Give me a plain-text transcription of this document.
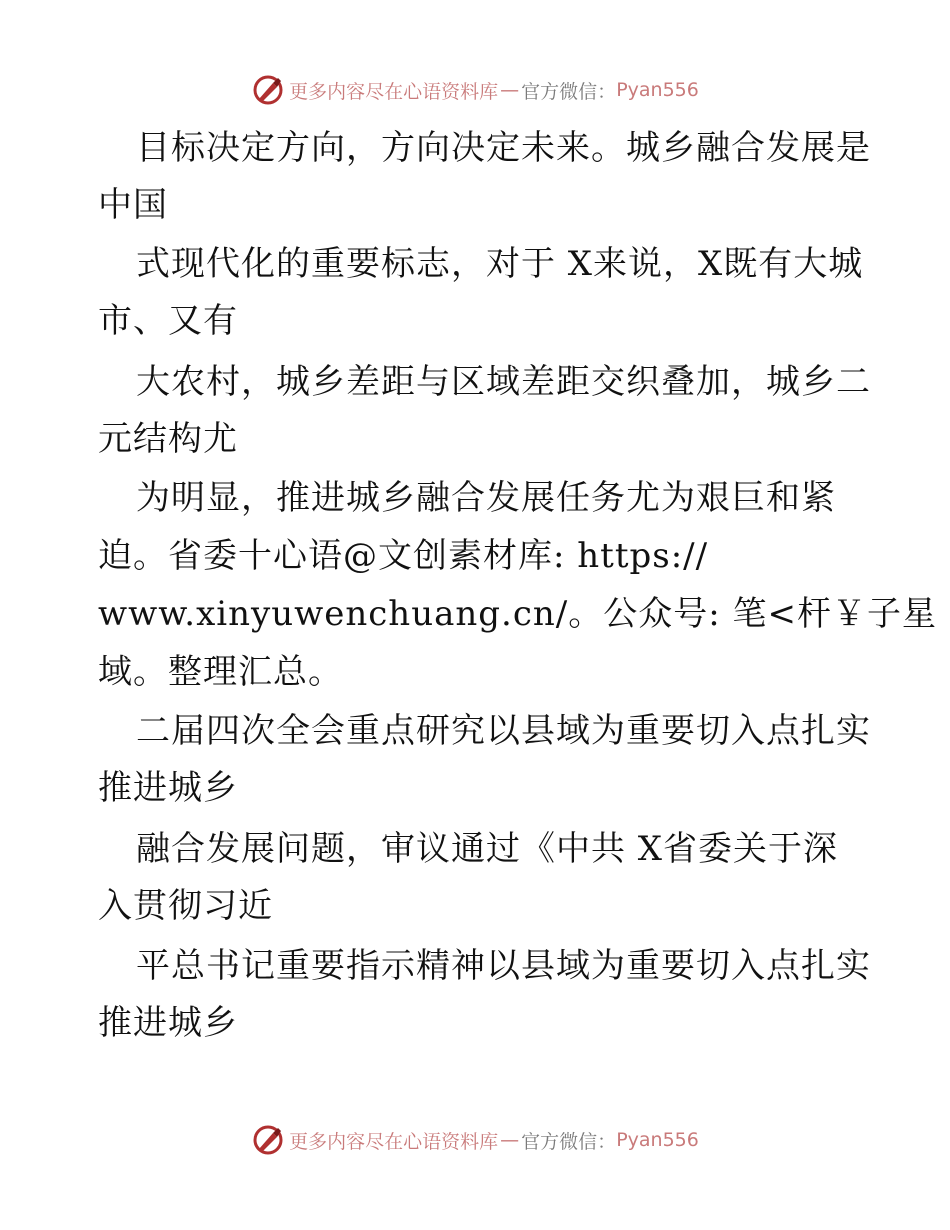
更多内容尽在心语资料库 — 官方微信： Pyan556
目标决定方向，方向决定未来。城乡融合发展是
中国
式现代化的重要标志，对于 X来说，X既有大城
市、又有
大农村，城乡差距与区域差距交织叠加，城乡二
元结构尤
为明显，推进城乡融合发展任务尤为艰巨和紧
迫。省委十心语@文创素材库: https://
www.xinyuwenchuang.cn/。公众号: 笔<杆￥子星
域。整理汇总。
二届四次全会重点研究以县域为重要切入点扎实
推进城乡
融合发展问题，审议通过《中共 X省委关于深
入贯彻习近
平总书记重要指示精神以县域为重要切入点扎实
推进城乡
更多内容尽在心语资料库 — 官方微信： Pyan556
